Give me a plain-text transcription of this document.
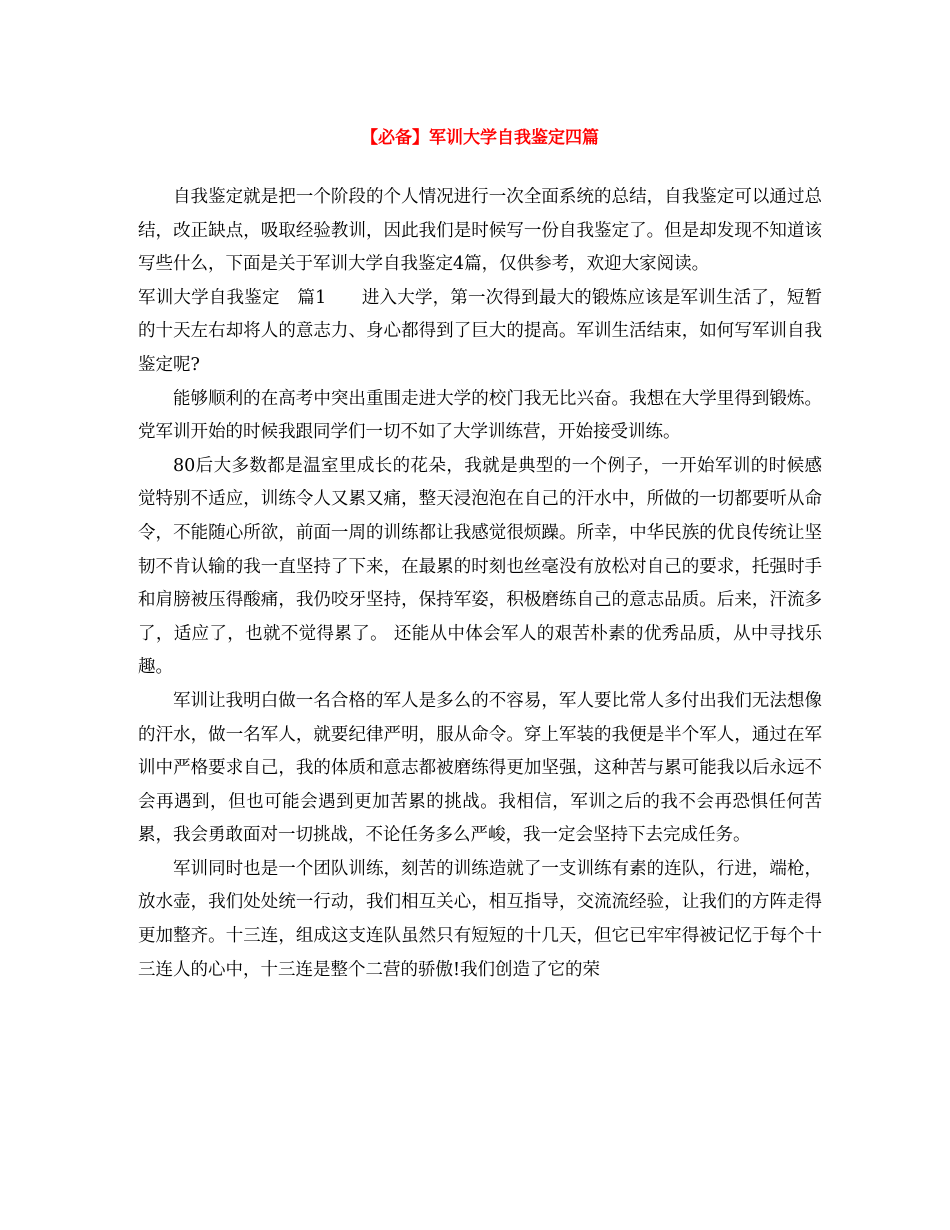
【必备】军训大学自我鉴定四篇

自我鉴定就是把一个阶段的个人情况进行一次全面系统的总结，自我鉴定可以通过总结，改正缺点，吸取经验教训，因此我们是时候写一份自我鉴定了。但是却发现不知道该写些什么，下面是关于军训大学自我鉴定4篇，仅供参考，欢迎大家阅读。

军训大学自我鉴定　篇1　　进入大学，第一次得到最大的锻炼应该是军训生活了，短暂的十天左右却将人的意志力、身心都得到了巨大的提高。军训生活结束，如何写军训自我鉴定呢?

能够顺利的在高考中突出重围走进大学的校门我无比兴奋。我想在大学里得到锻炼。党军训开始的时候我跟同学们一切不如了大学训练营，开始接受训练。

80后大多数都是温室里成长的花朵，我就是典型的一个例子，一开始军训的时候感觉特别不适应，训练令人又累又痛，整天浸泡泡在自己的汗水中，所做的一切都要听从命令，不能随心所欲，前面一周的训练都让我感觉很烦躁。所幸，中华民族的优良传统让坚韧不肯认输的我一直坚持了下来，在最累的时刻也丝毫没有放松对自己的要求，托强时手和肩膀被压得酸痛，我仍咬牙坚持，保持军姿，积极磨练自己的意志品质。后来，汗流多了，适应了，也就不觉得累了。 还能从中体会军人的艰苦朴素的优秀品质，从中寻找乐趣。

军训让我明白做一名合格的军人是多么的不容易，军人要比常人多付出我们无法想像的汗水，做一名军人，就要纪律严明，服从命令。穿上军装的我便是半个军人，通过在军训中严格要求自己，我的体质和意志都被磨练得更加坚强，这种苦与累可能我以后永远不会再遇到，但也可能会遇到更加苦累的挑战。我相信，军训之后的我不会再恐惧任何苦累，我会勇敢面对一切挑战，不论任务多么严峻，我一定会坚持下去完成任务。

军训同时也是一个团队训练，刻苦的训练造就了一支训练有素的连队，行进，端枪，放水壶，我们处处统一行动，我们相互关心，相互指导，交流流经验，让我们的方阵走得更加整齐。十三连，组成这支连队虽然只有短短的十几天，但它已牢牢得被记忆于每个十三连人的心中，十三连是整个二营的骄傲!我们创造了它的荣
